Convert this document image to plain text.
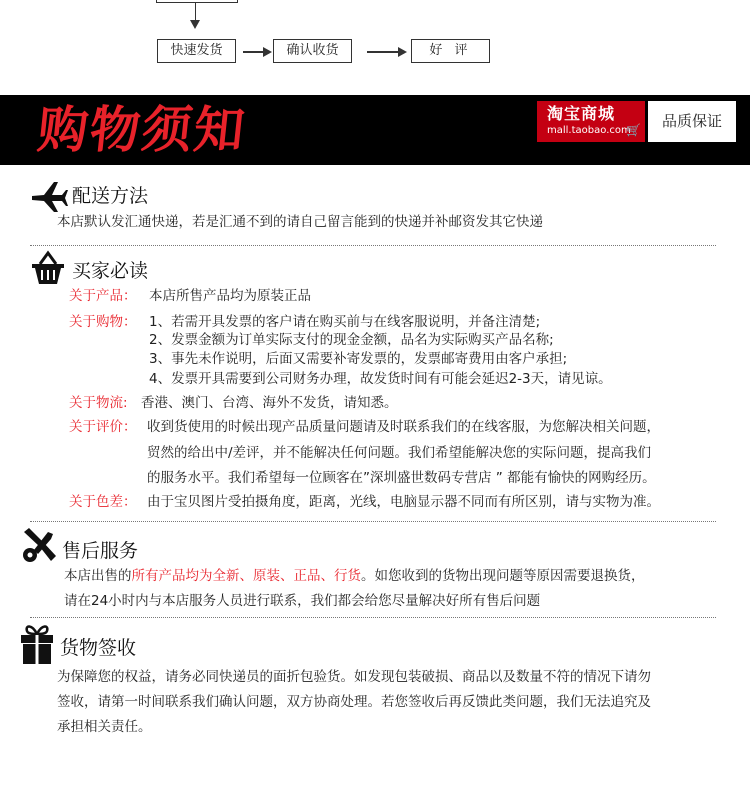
快速发货	确认收货	好 评
购物须知	淘宝商城
mall.taobao.com
🛒	品质保证
配送方法
本店默认发汇通快递，若是汇通不到的请自己留言能到的快递并补邮资发其它快递
买家必读
关于产品： 本店所售产品均为原装正品
关于购物： 1、若需开具发票的客户请在购买前与在线客服说明，并备注清楚;
2、发票金额为订单实际支付的现金金额，品名为实际购买产品名称;
3、事先未作说明，后面又需要补寄发票的，发票邮寄费用由客户承担;
4、发票开具需要到公司财务办理，故发货时间有可能会延迟2-3天，请见谅。
关于物流: 香港、澳门、台湾、海外不发货，请知悉。
关于评价： 收到货使用的时候出现产品质量问题请及时联系我们的在线客服，为您解决相关问题，
贸然的给出中/差评，并不能解决任何问题。我们希望能解决您的实际问题，提高我们
的服务水平。我们希望每一位顾客在”深圳盛世数码专营店 ” 都能有愉快的网购经历。
关于色差： 由于宝贝图片受拍摄角度，距离，光线，电脑显示器不同而有所区别，请与实物为准。
售后服务
本店出售的所有产品均为全新、原装、正品、行货。如您收到的货物出现问题等原因需要退换货，
请在24小时内与本店服务人员进行联系，我们都会给您尽量解决好所有售后问题
货物签收
为保障您的权益，请务必同快递员的面折包验货。如发现包装破损、商品以及数量不符的情况下请勿
签收，请第一时间联系我们确认问题，双方协商处理。若您签收后再反馈此类问题，我们无法追究及
承担相关责任。
